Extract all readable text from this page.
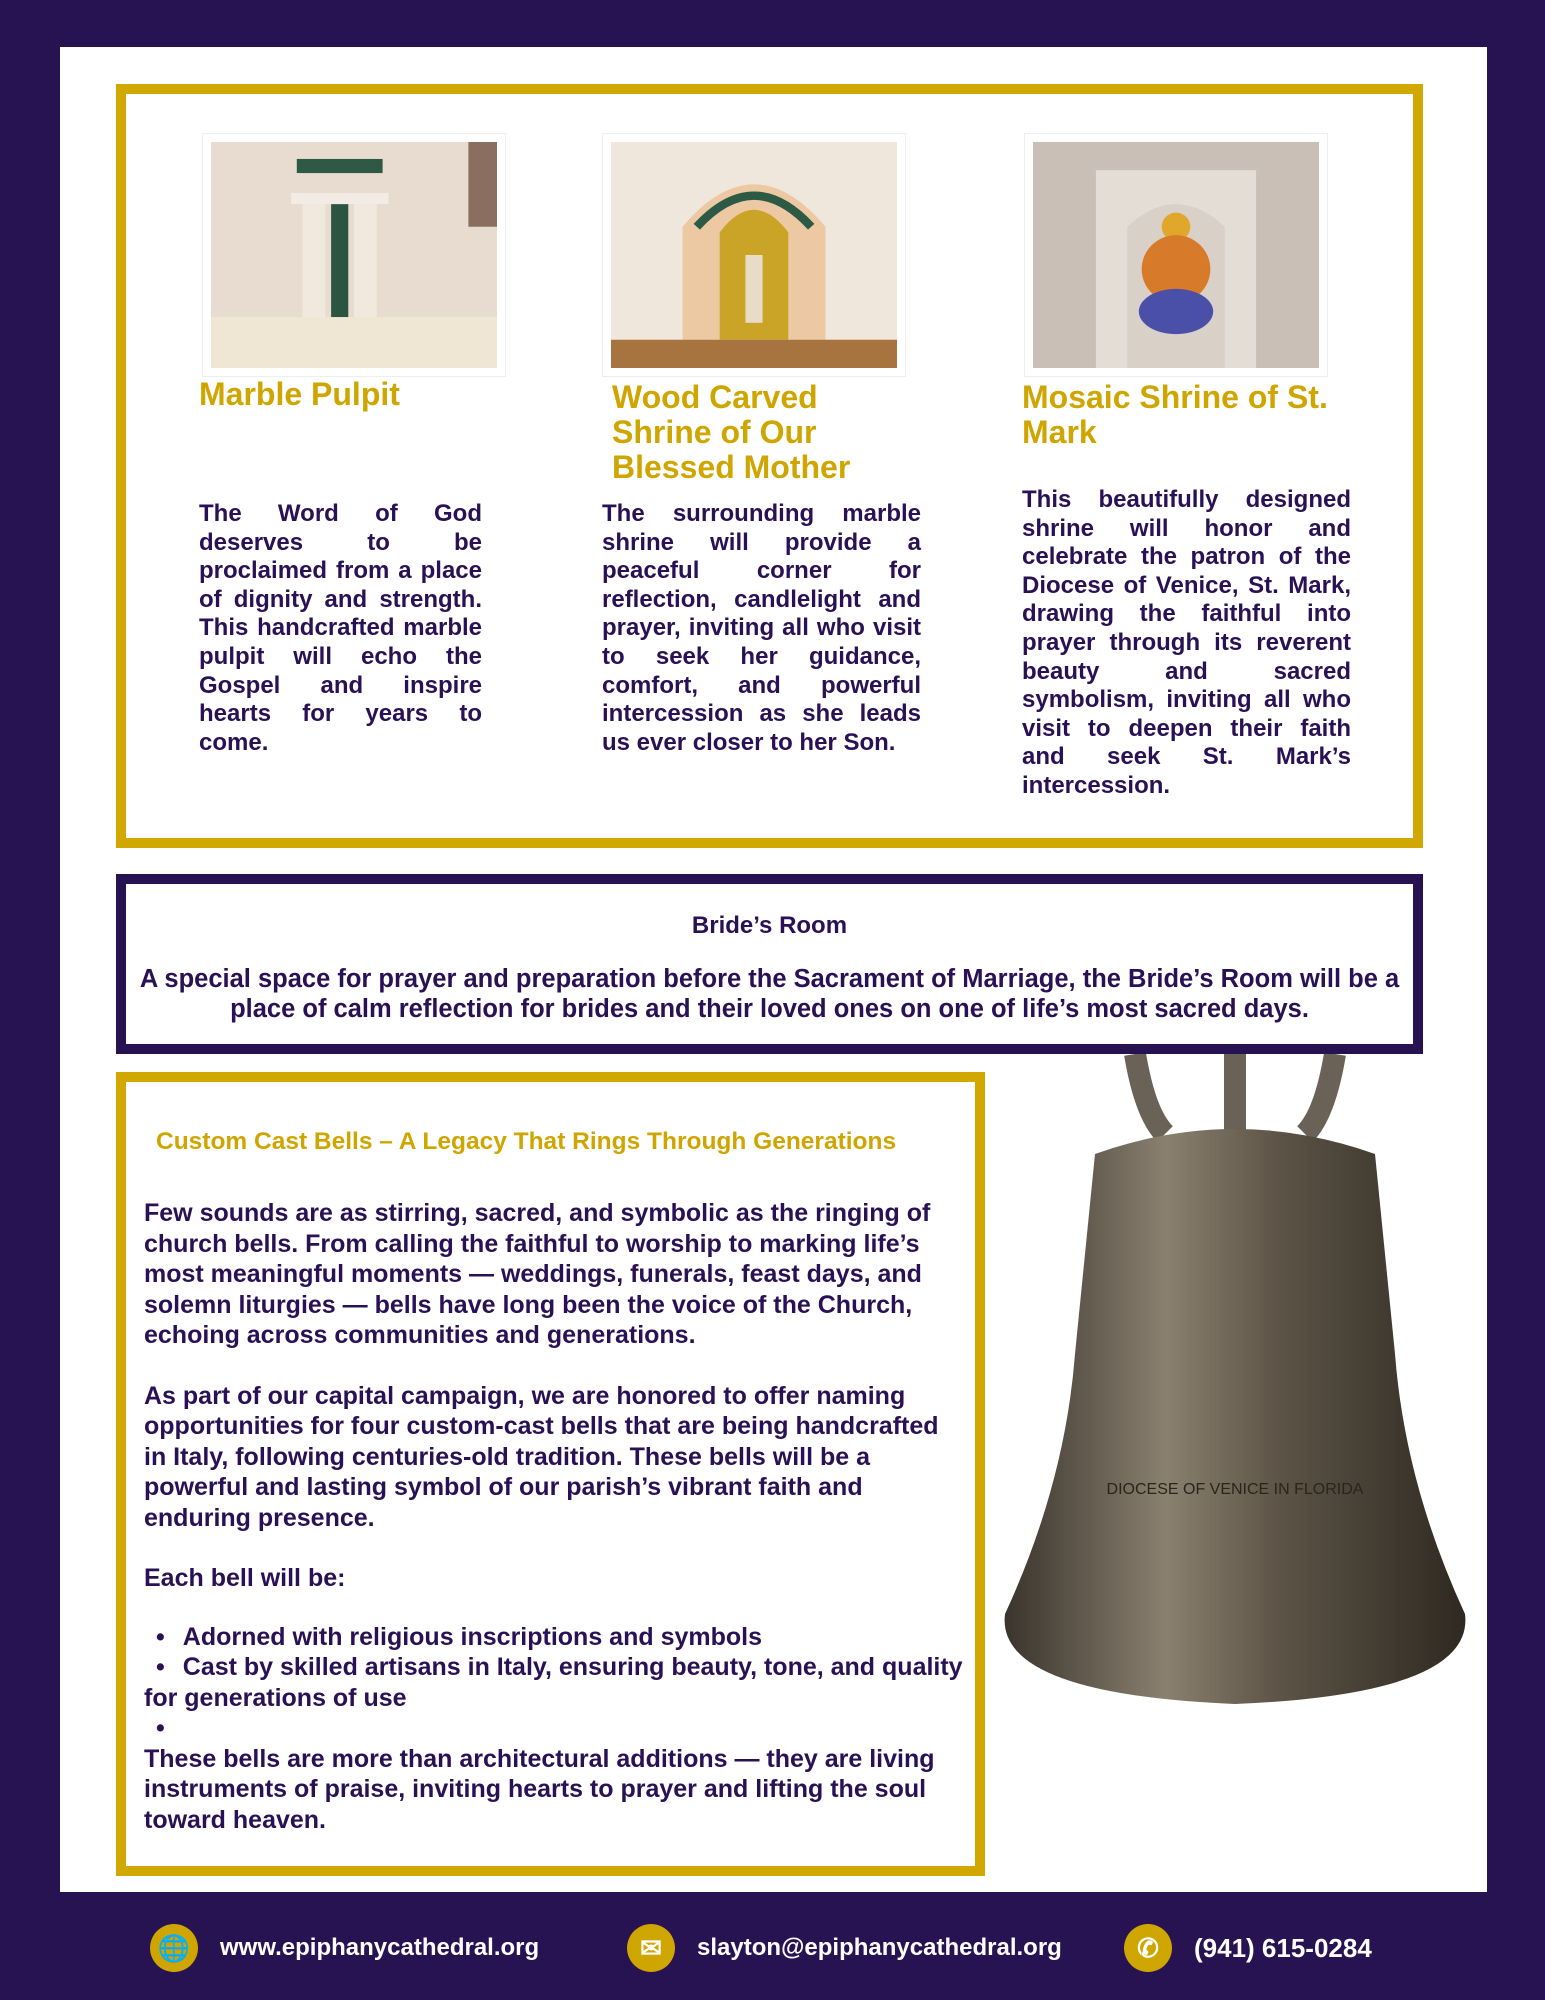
Marble Pulpit	Wood Carved Shrine of Our Blessed Mother
Mosaic Shrine of St. Mark
The Word of God deserves to be proclaimed from a place of dignity and strength. This handcrafted marble pulpit will echo the Gospel and inspire hearts for years to come.
The surrounding marble shrine will provide a peaceful corner for reflection, candlelight and prayer, inviting all who visit to seek her guidance, comfort, and powerful intercession as she leads us ever closer to her Son.
This beautifully designed shrine will honor and celebrate the patron of the Diocese of Venice, St. Mark, drawing the faithful into prayer through its reverent beauty and sacred symbolism, inviting all who visit to deepen their faith and seek St. Mark’s intercession.
Bride’s Room

A special space for prayer and preparation before the Sacrament of Marriage, the Bride’s Room will be a place of calm reflection for brides and their loved ones on one of life’s most sacred days.

Custom Cast Bells – A Legacy That Rings Through Generations

Few sounds are as stirring, sacred, and symbolic as the ringing of church bells. From calling the faithful to worship to marking life’s most meaningful moments — weddings, funerals, feast days, and solemn liturgies — bells have long been the voice of the Church, echoing across communities and generations.

As part of our capital campaign, we are honored to offer naming opportunities for four custom-cast bells that are being handcrafted in Italy, following centuries-old tradition. These bells will be a powerful and lasting symbol of our parish’s vibrant faith and enduring presence.

Each bell will be:

• Adorned with religious inscriptions and symbols
• Cast by skilled artisans in Italy, ensuring beauty, tone, and quality for generations of use
•

These bells are more than architectural additions — they are living instruments of praise, inviting hearts to prayer and lifting the soul toward heaven.

DIOCESE OF VENICE IN FLORIDA
🌐	www.epiphanycathedral.org	✉	slayton@epiphanycathedral.org	✆	(941) 615-0284
